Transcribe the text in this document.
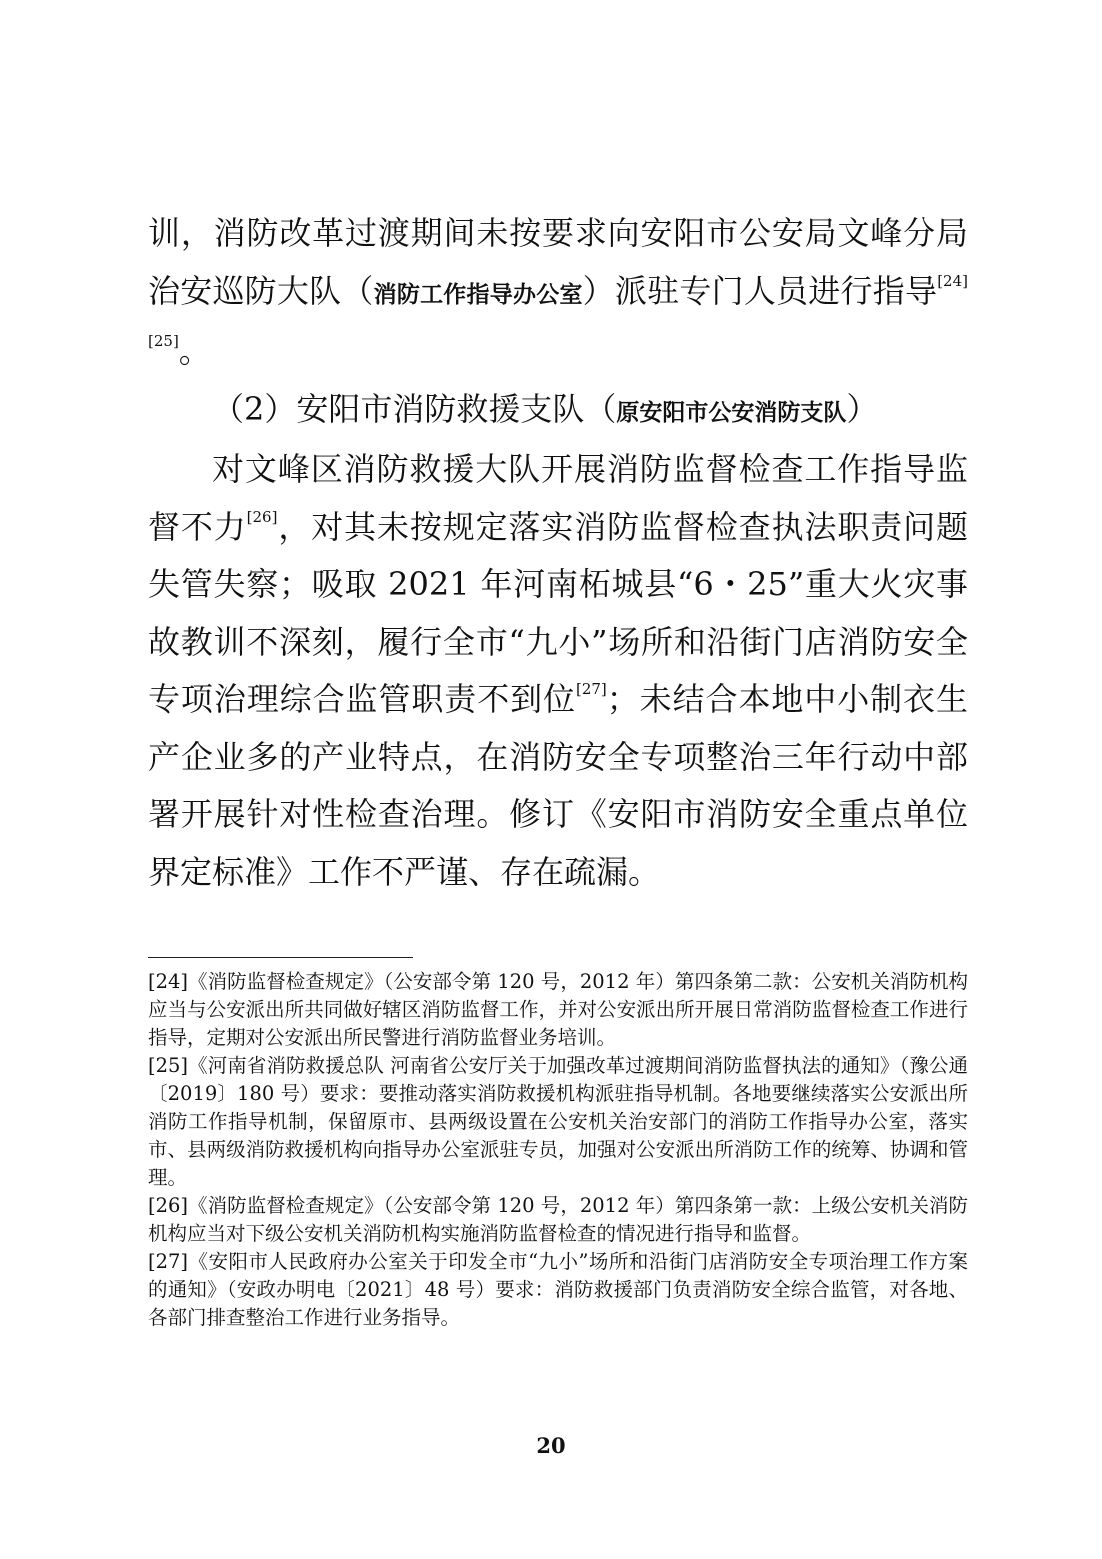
训，消防改革过渡期间未按要求向安阳市公安局文峰分局治安巡防大队（消防工作指导办公室）派驻专门人员进行指导[24][25]。

（2）安阳市消防救援支队（原安阳市公安消防支队）

对文峰区消防救援大队开展消防监督检查工作指导监督不力[26]，对其未按规定落实消防监督检查执法职责问题失管失察；吸取 2021 年河南柘城县“6・25”重大火灾事故教训不深刻，履行全市“九小”场所和沿街门店消防安全专项治理综合监管职责不到位[27]；未结合本地中小制衣生产企业多的产业特点，在消防安全专项整治三年行动中部署开展针对性检查治理。修订《安阳市消防安全重点单位界定标准》工作不严谨、存在疏漏。

[24]《消防监督检查规定》（公安部令第 120 号，2012 年）第四条第二款：公安机关消防机构应当与公安派出所共同做好辖区消防监督工作，并对公安派出所开展日常消防监督检查工作进行指导，定期对公安派出所民警进行消防监督业务培训。

[25]《河南省消防救援总队 河南省公安厅关于加强改革过渡期间消防监督执法的通知》（豫公通〔2019〕180 号）要求：要推动落实消防救援机构派驻指导机制。各地要继续落实公安派出所消防工作指导机制，保留原市、县两级设置在公安机关治安部门的消防工作指导办公室，落实市、县两级消防救援机构向指导办公室派驻专员，加强对公安派出所消防工作的统筹、协调和管理。

[26]《消防监督检查规定》（公安部令第 120 号，2012 年）第四条第一款：上级公安机关消防机构应当对下级公安机关消防机构实施消防监督检查的情况进行指导和监督。

[27]《安阳市人民政府办公室关于印发全市“九小”场所和沿街门店消防安全专项治理工作方案的通知》（安政办明电〔2021〕48 号）要求：消防救援部门负责消防安全综合监管，对各地、各部门排查整治工作进行业务指导。

20
